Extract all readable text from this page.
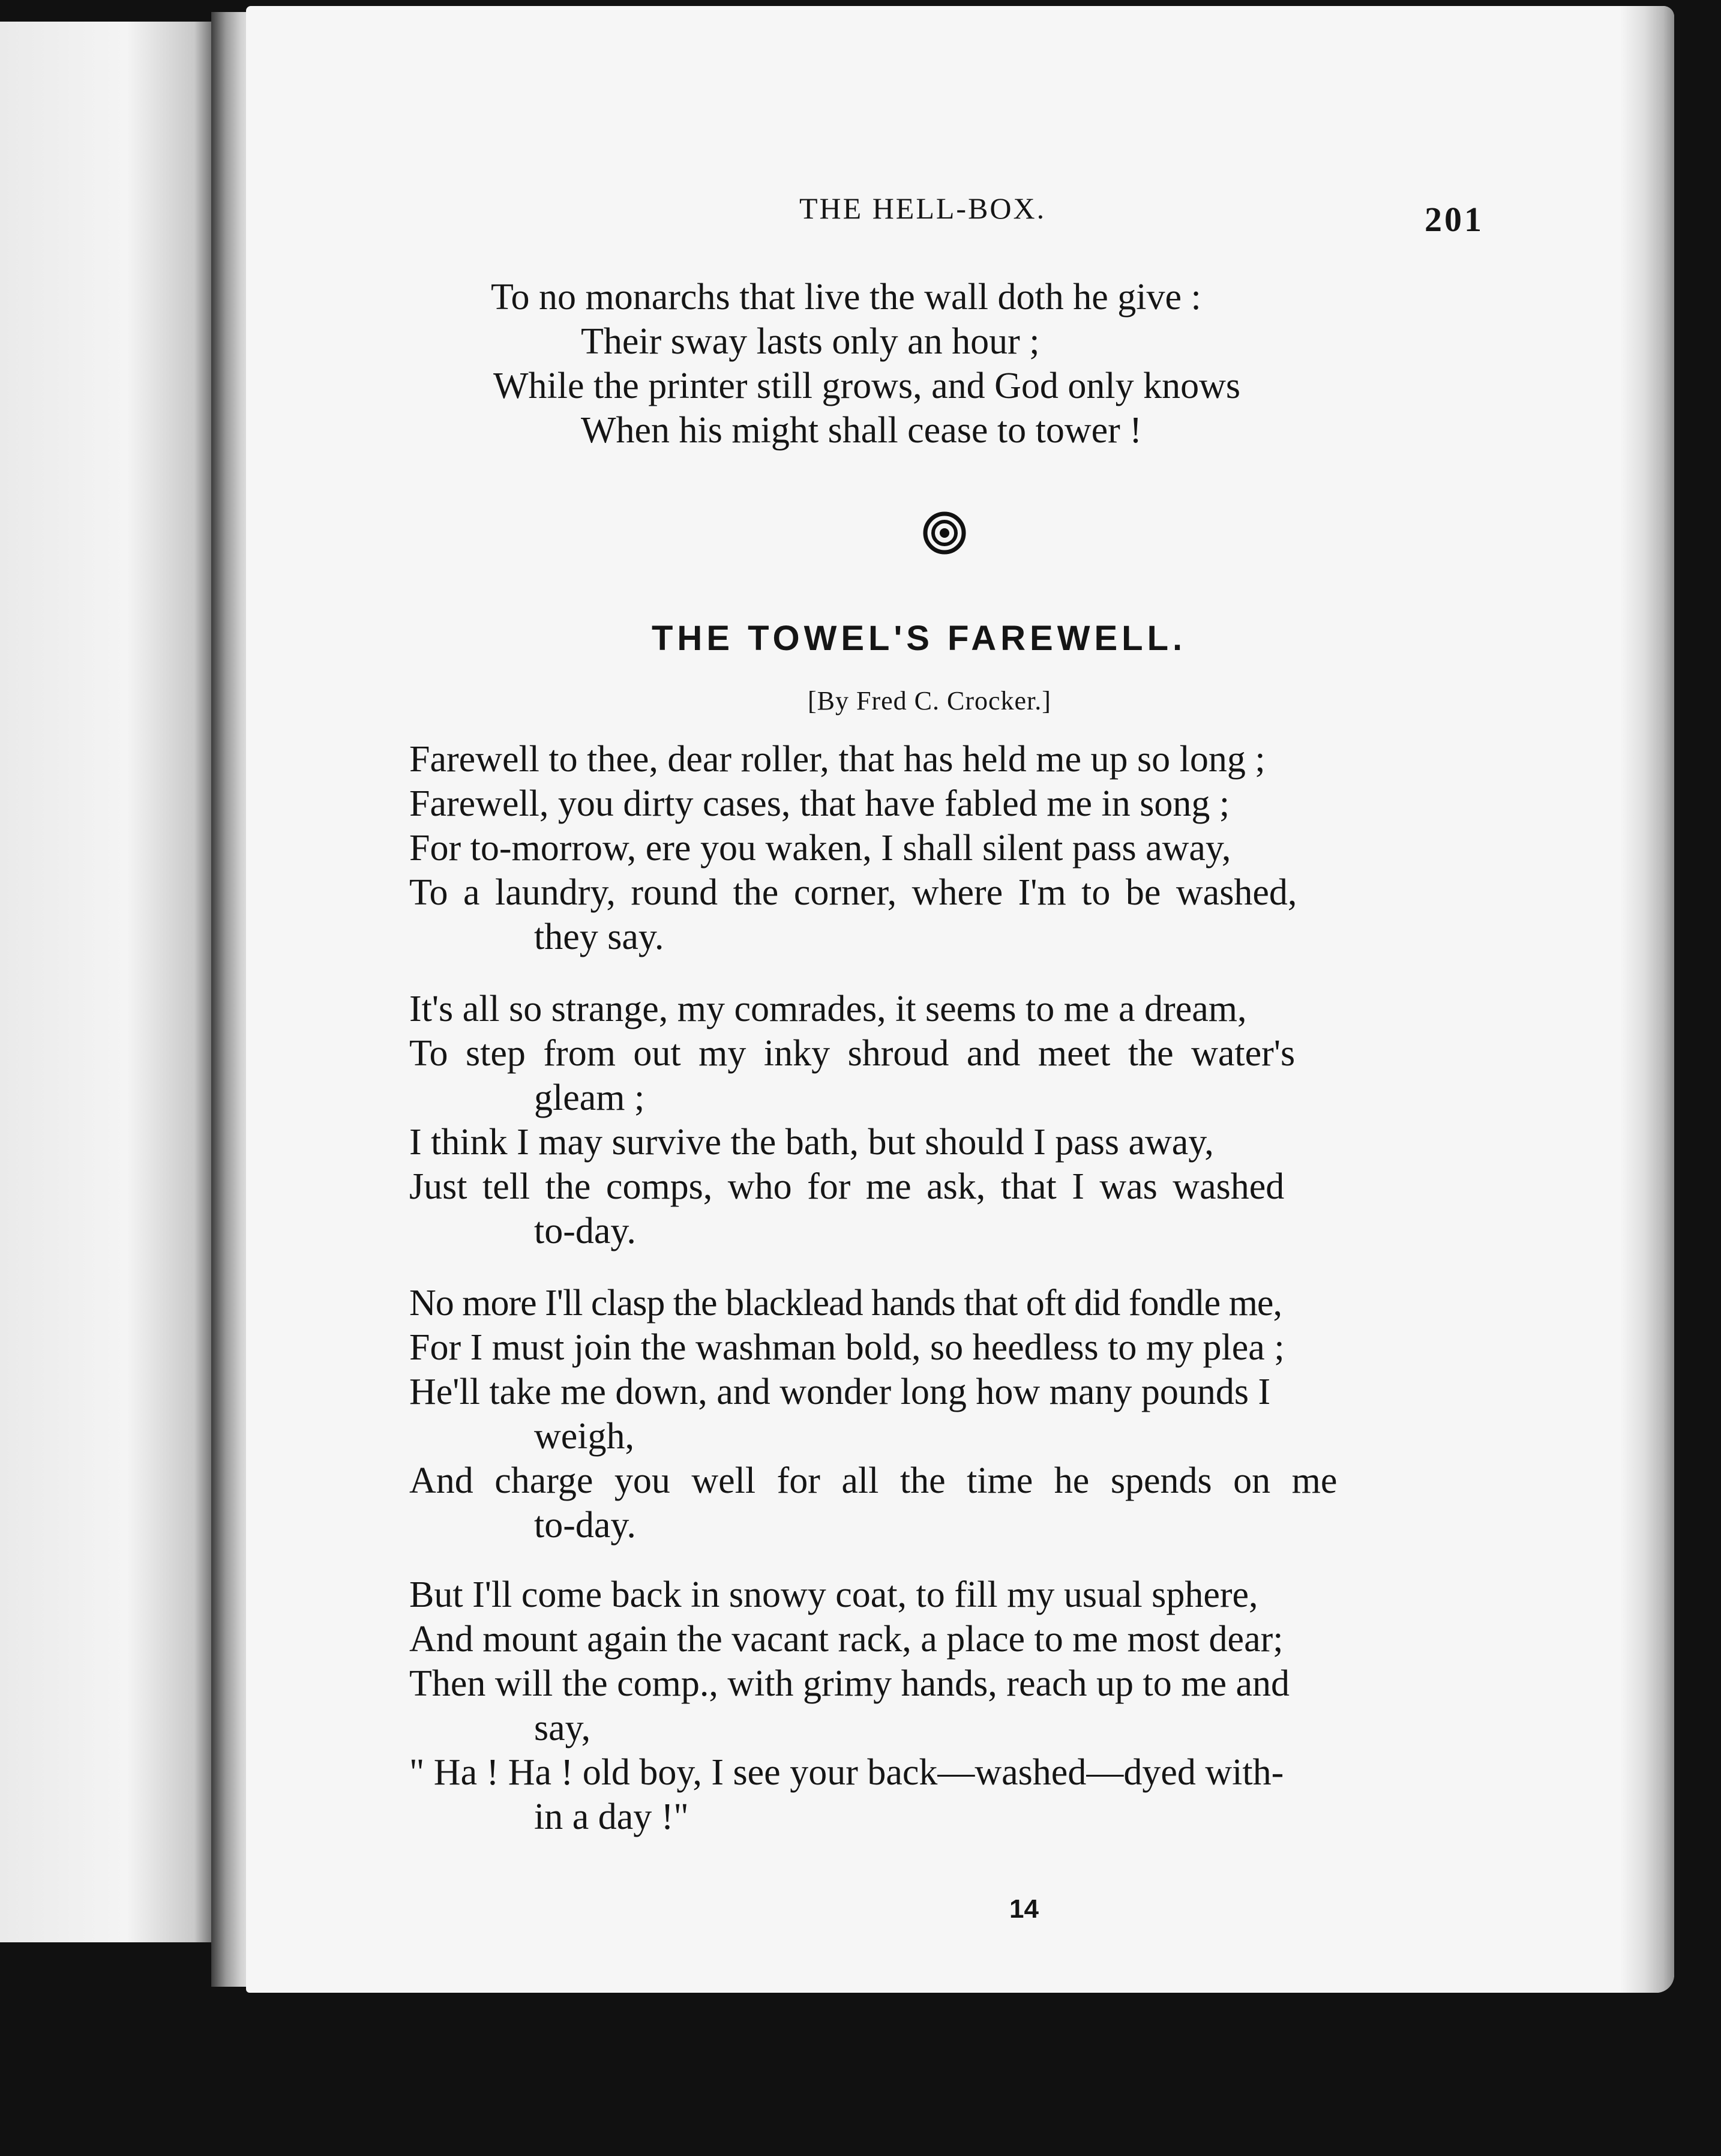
THE HELL-BOX.	201

To no monarchs that live the wall doth he give :

Their sway lasts only an hour ;

While the printer still grows, and God only knows

When his might shall cease to tower !

THE TOWEL'S FAREWELL.

[By Fred C. Crocker.]

Farewell to thee, dear roller, that has held me up so long ;

Farewell, you dirty cases, that have fabled me in song ;

For to-morrow, ere you waken, I shall silent pass away,

To a laundry, round the corner, where I'm to be washed,

they say.

It's all so strange, my comrades, it seems to me a dream,

To step from out my inky shroud and meet the water's

gleam ;

I think I may survive the bath, but should I pass away,

Just tell the comps, who for me ask, that I was washed

to-day.

No more I'll clasp the blacklead hands that oft did fondle me,

For I must join the washman bold, so heedless to my plea ;

He'll take me down, and wonder long how many pounds I

weigh,

And charge you well for all the time he spends on me

to-day.

But I'll come back in snowy coat, to fill my usual sphere,

And mount again the vacant rack, a place to me most dear;

Then will the comp., with grimy hands, reach up to me and

say,

" Ha ! Ha ! old boy, I see your back—washed—dyed with-

in a day !"

14
